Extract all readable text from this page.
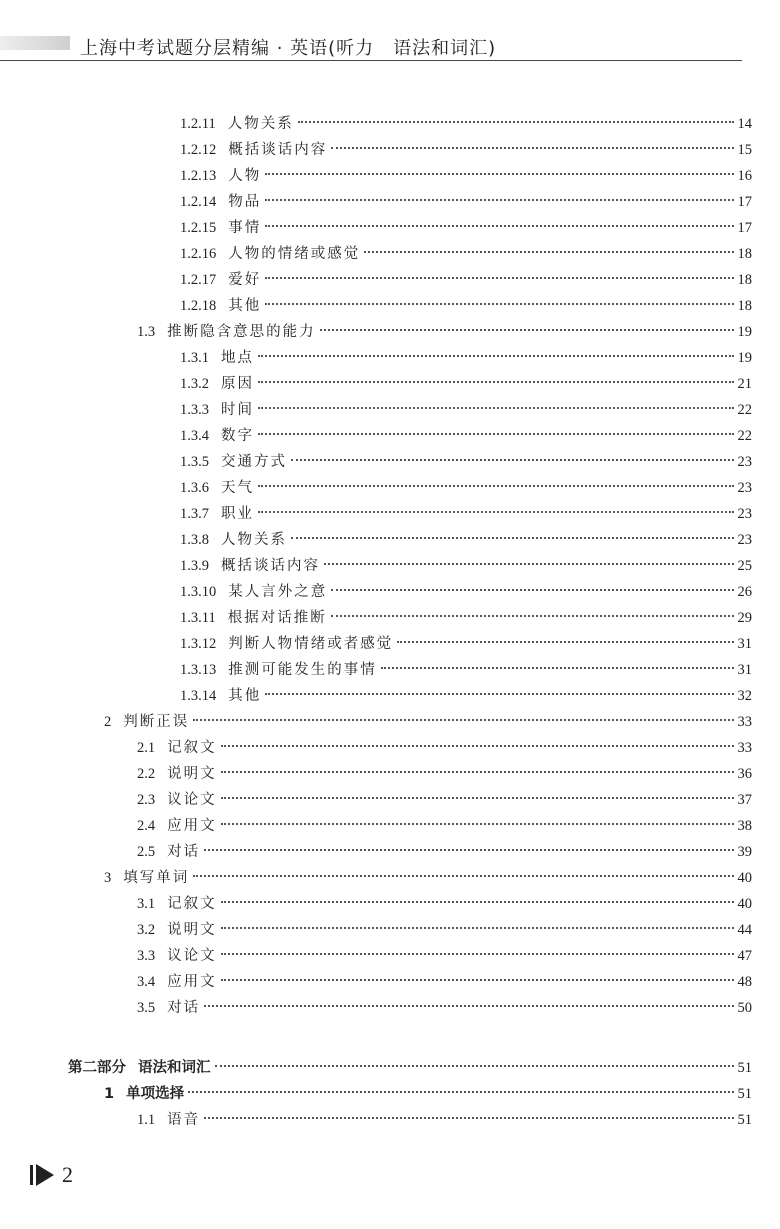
上海中考试题分层精编 · 英语(听力　语法和词汇)
1.2.11 人物关系	14
1.2.12 概括谈话内容	15
1.2.13 人物	16
1.2.14 物品	17
1.2.15 事情	17
1.2.16 人物的情绪或感觉	18
1.2.17 爱好	18
1.2.18 其他	18
1.3 推断隐含意思的能力	19
1.3.1 地点	19
1.3.2 原因	21
1.3.3 时间	22
1.3.4 数字	22
1.3.5 交通方式	23
1.3.6 天气	23
1.3.7 职业	23
1.3.8 人物关系	23
1.3.9 概括谈话内容	25
1.3.10 某人言外之意	26
1.3.11 根据对话推断	29
1.3.12 判断人物情绪或者感觉	31
1.3.13 推测可能发生的事情	31
1.3.14 其他	32
2 判断正误	33
2.1 记叙文	33
2.2 说明文	36
2.3 议论文	37
2.4 应用文	38
2.5 对话	39
3 填写单词	40
3.1 记叙文	40
3.2 说明文	44
3.3 议论文	47
3.4 应用文	48
3.5 对话	50
第二部分 语法和词汇	51
1 单项选择	51
1.1 语音	51
2
